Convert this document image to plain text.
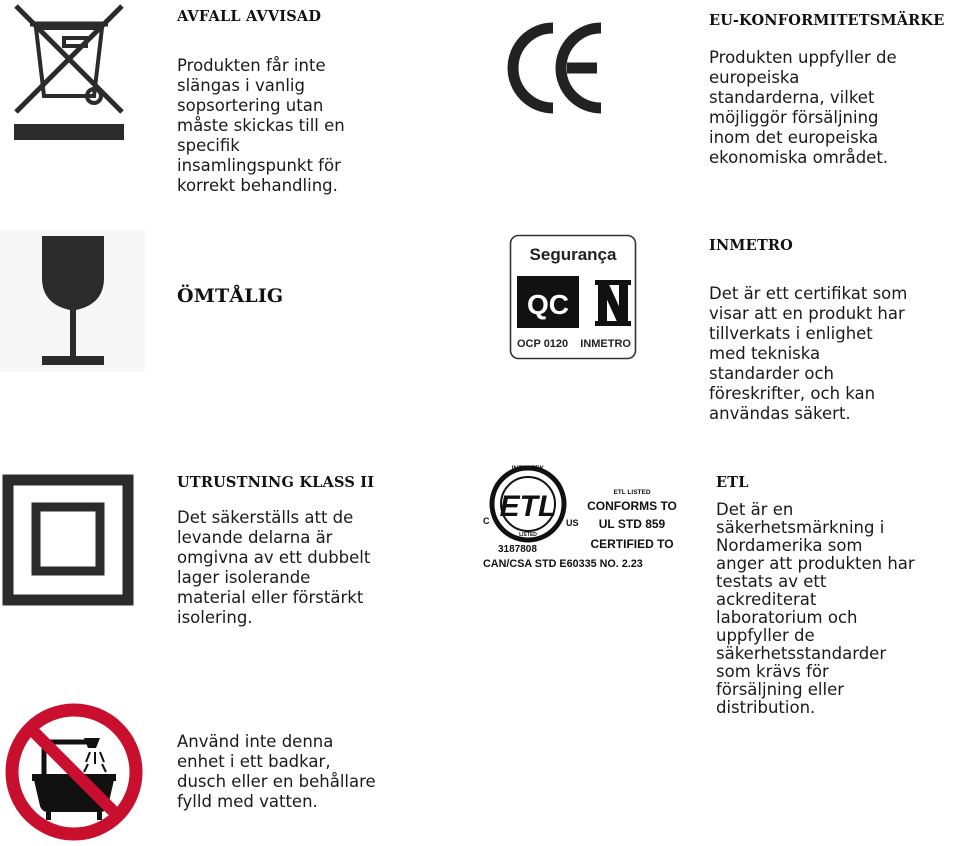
AVFALL AVVISAD

Produkten får inte
slängas i vanlig
sopsortering utan
måste skickas till en
specifik
insamlingspunkt för
korrekt behandling.

EU-KONFORMITETSMÄRKE

Produkten uppfyller de
europeiska
standarderna, vilket
möjliggör försäljning
inom det europeiska
ekonomiska området.

ÖMTÅLIG
Segurança
QC
OCP 0120 INMETRO
INMETRO

Det är ett certifikat som
visar att en produkt har
tillverkats i enlighet
med tekniska
standarder och
föreskrifter, och kan
användas säkert.

UTRUSTNING KLASS II

Det säkerställs att de
levande delarna är
omgivna av ett dubbelt
lager isolerande
material eller förstärkt
isolering.

INTERTEK
ETL
LISTED
C	US
3187808
ETL LISTED
CONFORMS TO
UL STD 859
CERTIFIED TO
CAN/CSA STD E60335 NO. 2.23
ETL

Det är en
säkerhetsmärkning i
Nordamerika som
anger att produkten har
testats av ett
ackrediterat
laboratorium och
uppfyller de
säkerhetsstandarder
som krävs för
försäljning eller
distribution.

Använd inte denna
enhet i ett badkar,
dusch eller en behållare
fylld med vatten.
